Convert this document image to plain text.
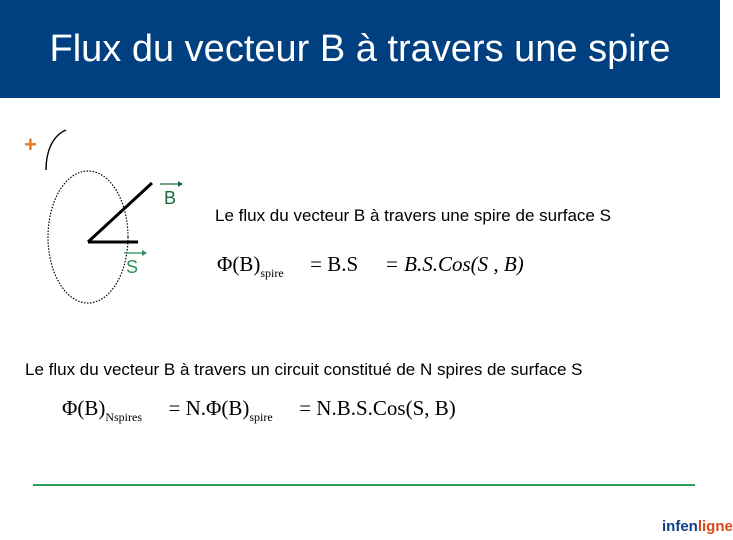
Flux du vecteur B à travers une spire
+
B
S
Le flux du vecteur B à travers une spire de surface S
$\Phi(B)_{spire} = B.S = B.S.Cos(S$ , B)
Le flux du vecteur B à travers un circuit constitué de N spires de surface S
$\Phi(B)_{Nspires} = N.\Phi(B)_{spire} = N.B.S.Cos(S$, B)
infenligne
